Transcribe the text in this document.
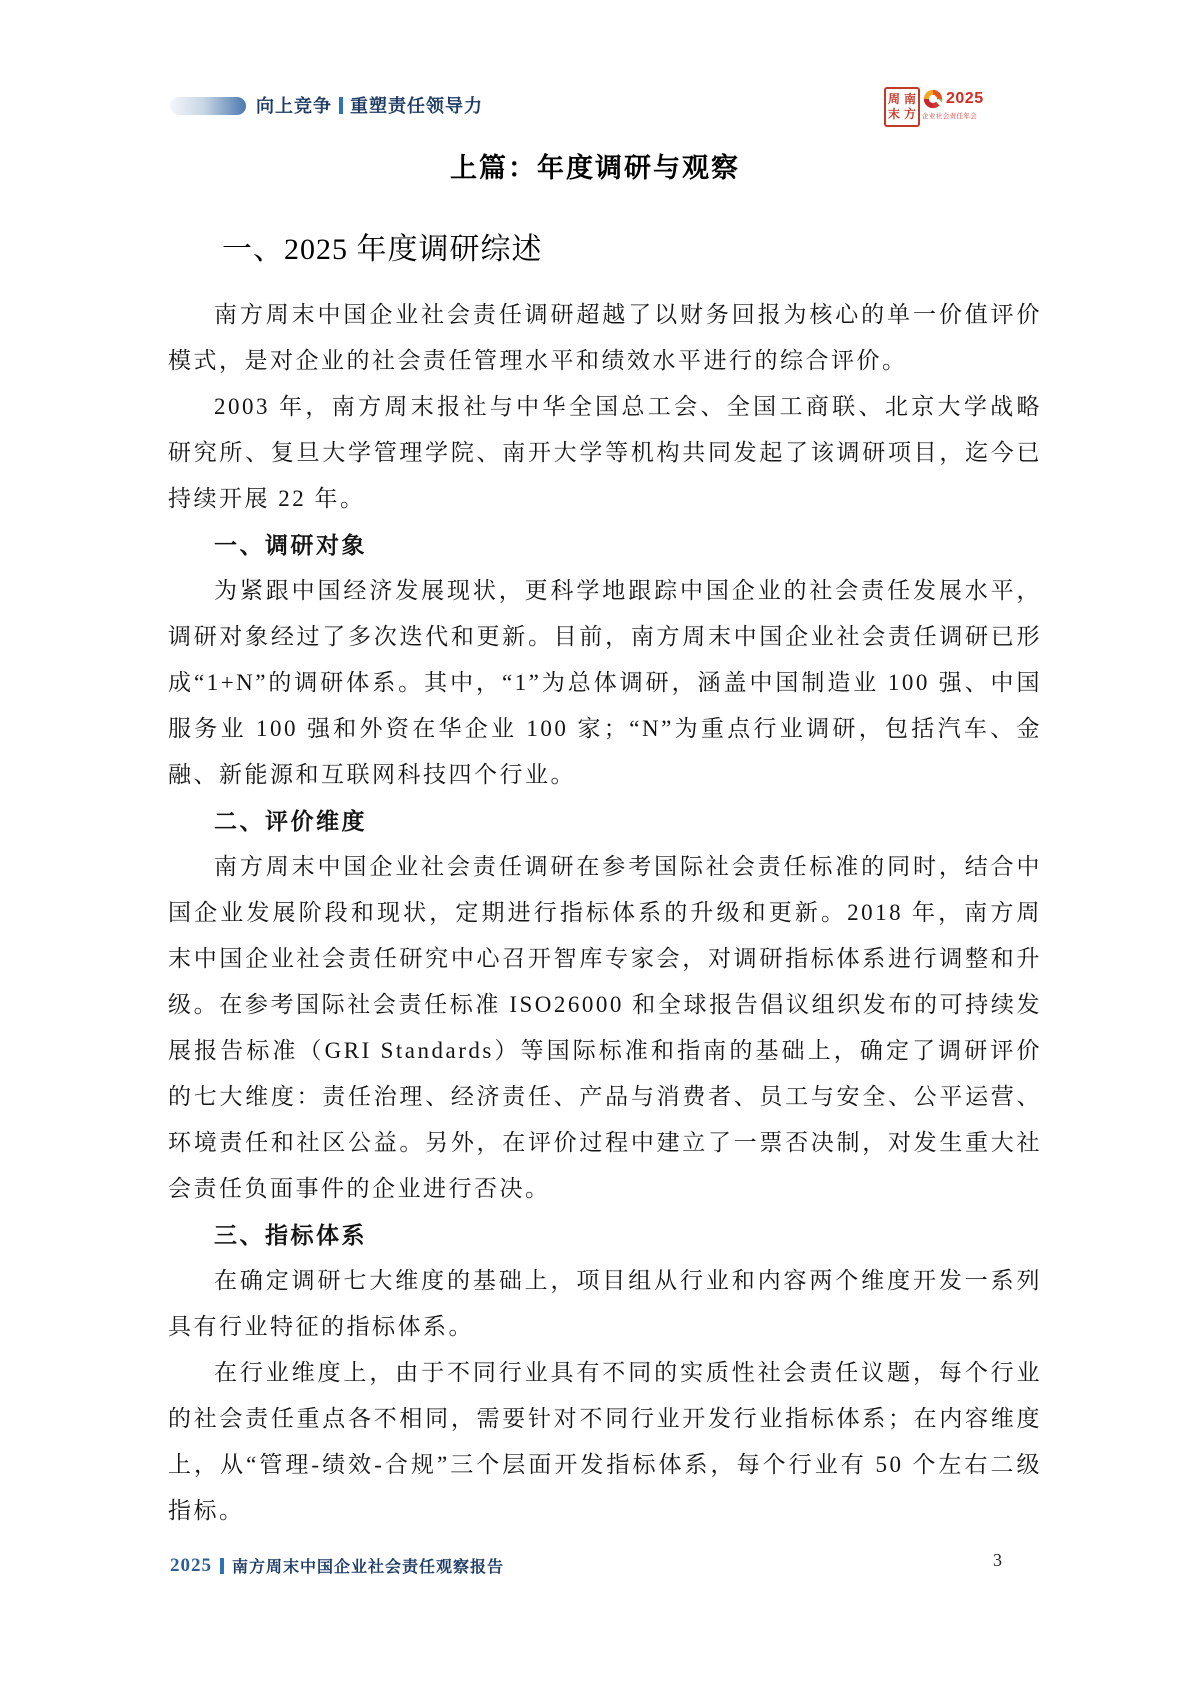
向上竞争 重塑责任领导力	周 南
末 方
2025
企业社会责任年会
上篇：年度调研与观察
一、2025 年度调研综述

南方周末中国企业社会责任调研超越了以财务回报为核心的单一价值评价模式，是对企业的社会责任管理水平和绩效水平进行的综合评价。

2003 年，南方周末报社与中华全国总工会、全国工商联、北京大学战略研究所、复旦大学管理学院、南开大学等机构共同发起了该调研项目，迄今已持续开展 22 年。

一、调研对象

为紧跟中国经济发展现状，更科学地跟踪中国企业的社会责任发展水平，调研对象经过了多次迭代和更新。目前，南方周末中国企业社会责任调研已形成“1+N”的调研体系。其中，“1”为总体调研，涵盖中国制造业 100 强、中国服务业 100 强和外资在华企业 100 家；“N”为重点行业调研，包括汽车、金融、新能源和互联网科技四个行业。

二、评价维度

南方周末中国企业社会责任调研在参考国际社会责任标准的同时，结合中国企业发展阶段和现状，定期进行指标体系的升级和更新。2018 年，南方周末中国企业社会责任研究中心召开智库专家会，对调研指标体系进行调整和升级。在参考国际社会责任标准 ISO26000 和全球报告倡议组织发布的可持续发展报告标准（GRI Standards）等国际标准和指南的基础上，确定了调研评价的七大维度：责任治理、经济责任、产品与消费者、员工与安全、公平运营、环境责任和社区公益。另外，在评价过程中建立了一票否决制，对发生重大社会责任负面事件的企业进行否决。

三、指标体系

在确定调研七大维度的基础上，项目组从行业和内容两个维度开发一系列具有行业特征的指标体系。

在行业维度上，由于不同行业具有不同的实质性社会责任议题，每个行业的社会责任重点各不相同，需要针对不同行业开发行业指标体系；在内容维度上，从“管理-绩效-合规”三个层面开发指标体系，每个行业有 50 个左右二级指标。

2025 南方周末中国企业社会责任观察报告	3
